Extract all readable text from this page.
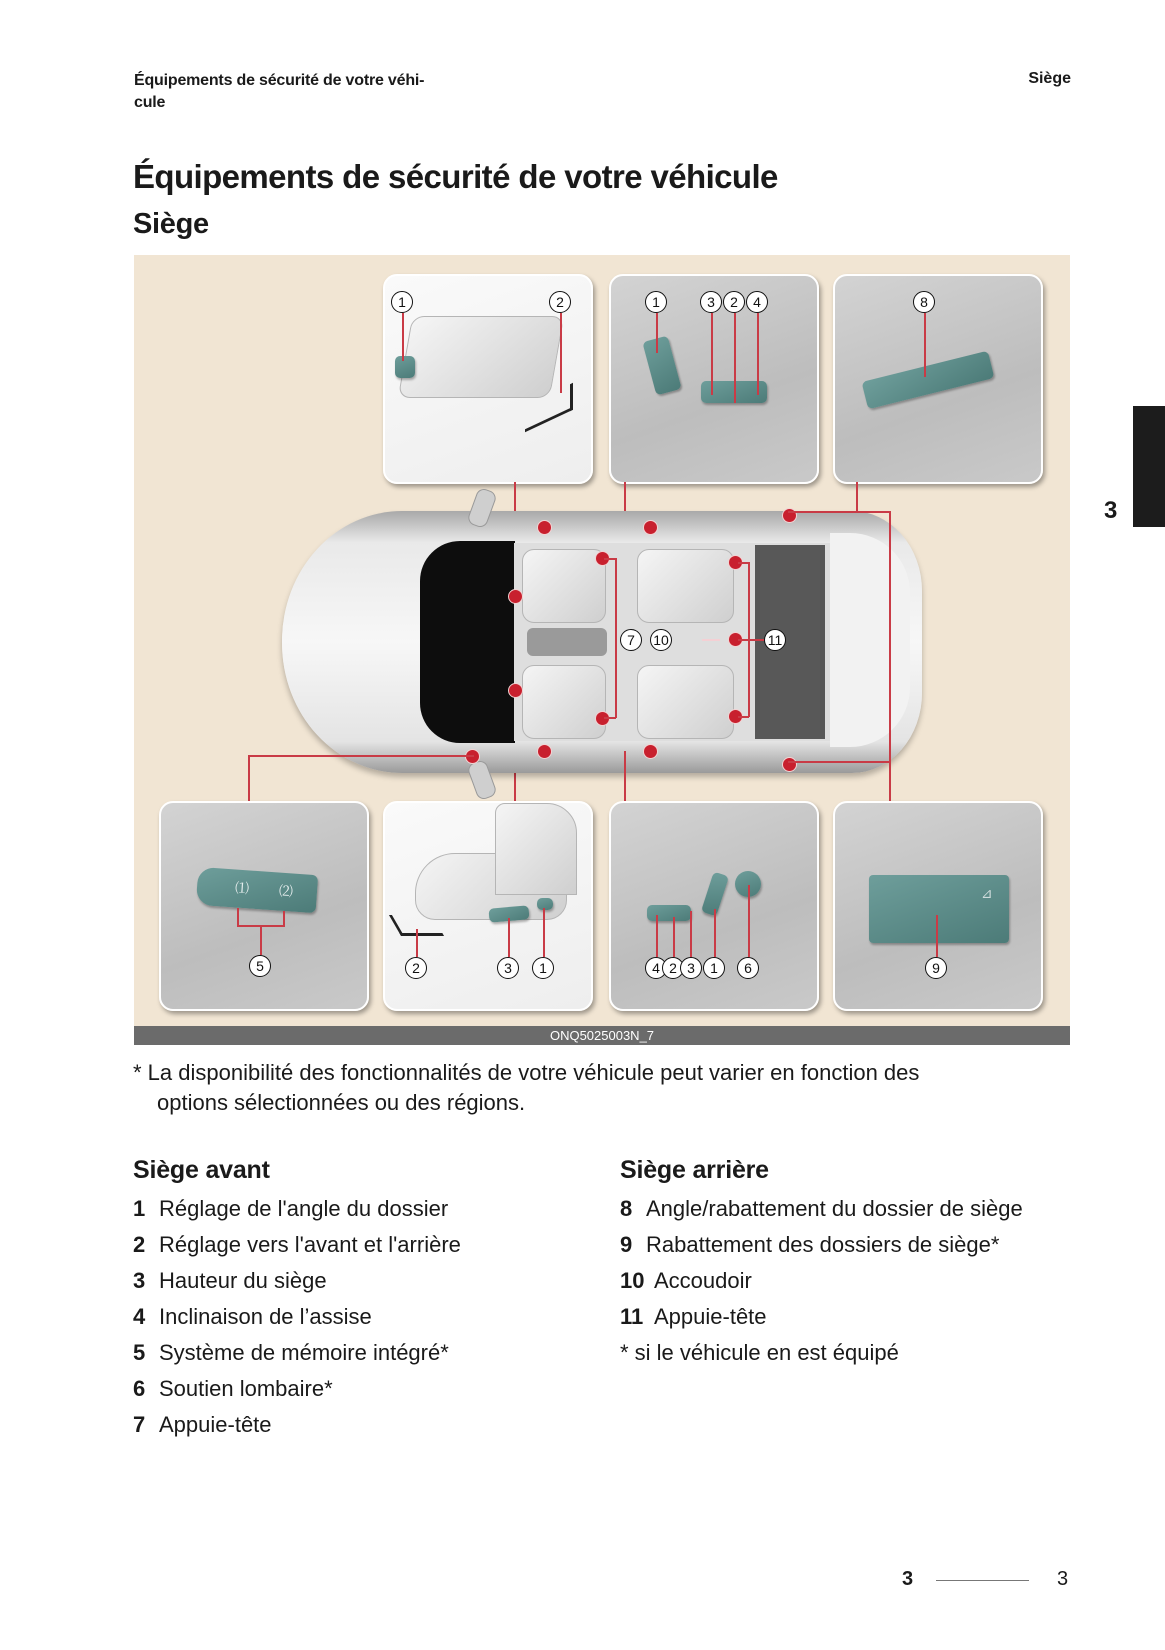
Équipements de sécurité de votre véhi-
cule
Siège
Équipements de sécurité de votre véhicule
Siège
3
1	2	1	3	2	4	8
7	10	11
⑴ ⑵
5	2	3	1	4 2 3	1	6
⊿
9
ONQ5025003N_7
* La disponibilité des fonctionnalités de votre véhicule peut varier en fonction des
options sélectionnées ou des régions.
Siège avant
1 Réglage de l'angle du dossier
2 Réglage vers l'avant et l'arrière
3 Hauteur du siège
4 Inclinaison de l’assise
5 Système de mémoire intégré*
6 Soutien lombaire*
7 Appuie-tête
Siège arrière
8 Angle/rabattement du dossier de siège
9 Rabattement des dossiers de siège*
10 Accoudoir
11 Appuie-tête
* si le véhicule en est équipé
3	3
